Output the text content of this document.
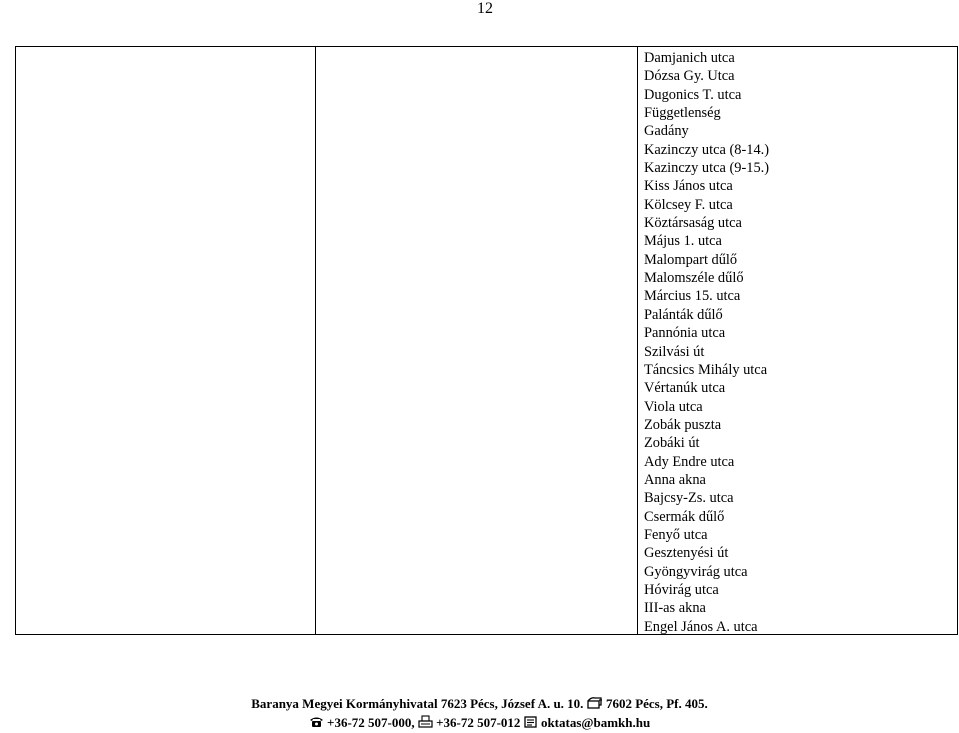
12
Damjanich utca
Dózsa Gy. Utca
Dugonics T. utca
Függetlenség
Gadány
Kazinczy utca (8-14.)
Kazinczy utca (9-15.)
Kiss János utca
Kölcsey F. utca
Köztársaság utca
Május 1. utca
Malompart dűlő
Malomszéle dűlő
Március 15. utca
Palánták dűlő
Pannónia utca
Szilvási út
Táncsics Mihály utca
Vértanúk utca
Viola utca
Zobák puszta
Zobáki út
Ady Endre utca
Anna akna
Bajcsy-Zs. utca
Csermák dűlő
Fenyő utca
Gesztenyési út
Gyöngyvirág utca
Hóvirág utca
III-as akna
Engel János A. utca
Baranya Megyei Kormányhivatal 7623 Pécs, József A. u. 10. 7602 Pécs, Pf. 405.
+36-72 507-000, +36-72 507-012 oktatas@bamkh.hu
